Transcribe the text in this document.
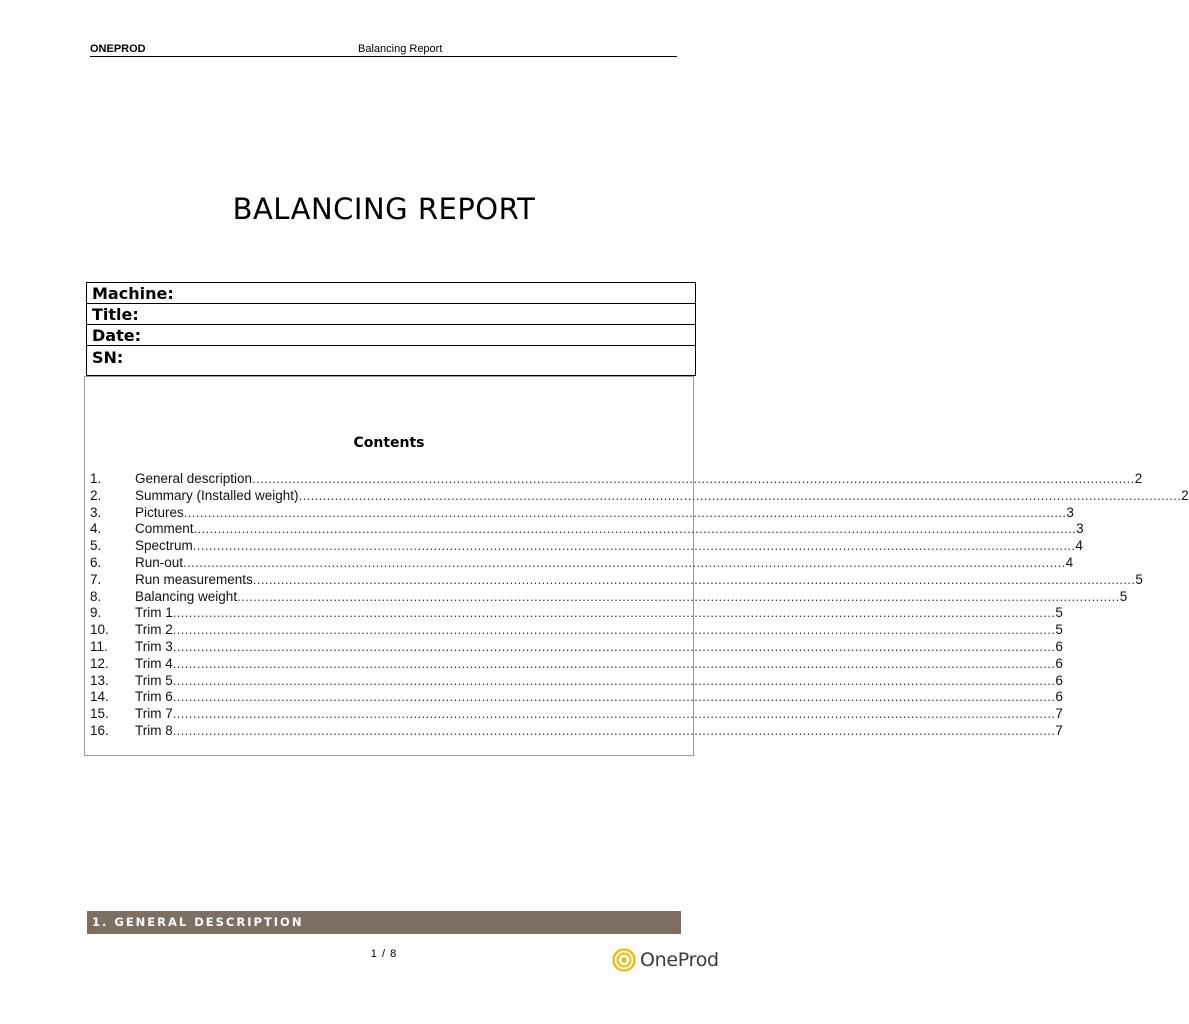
ONEPROD	Balancing Report
BALANCING REPORT
Machine:
Title:
Date:
SN:
Contents
1.	General description ............................................................................................................................................................................................................................ 2
2.	Summary (Installed weight) ............................................................................................................................................................................................................................ 2
3.	Pictures ............................................................................................................................................................................................................................ 3
4.	Comment ............................................................................................................................................................................................................................ 3
5.	Spectrum ............................................................................................................................................................................................................................ 4
6.	Run-out ............................................................................................................................................................................................................................ 4
7.	Run measurements ............................................................................................................................................................................................................................ 5
8.	Balancing weight ............................................................................................................................................................................................................................ 5
9.	Trim 1 ............................................................................................................................................................................................................................ 5
10.	Trim 2 ............................................................................................................................................................................................................................ 5
11.	Trim 3 ............................................................................................................................................................................................................................ 6
12.	Trim 4 ............................................................................................................................................................................................................................ 6
13.	Trim 5 ............................................................................................................................................................................................................................ 6
14.	Trim 6 ............................................................................................................................................................................................................................ 6
15.	Trim 7 ............................................................................................................................................................................................................................ 7
16.	Trim 8 ............................................................................................................................................................................................................................ 7
1. GENERAL DESCRIPTION
1 / 8	OneProd
